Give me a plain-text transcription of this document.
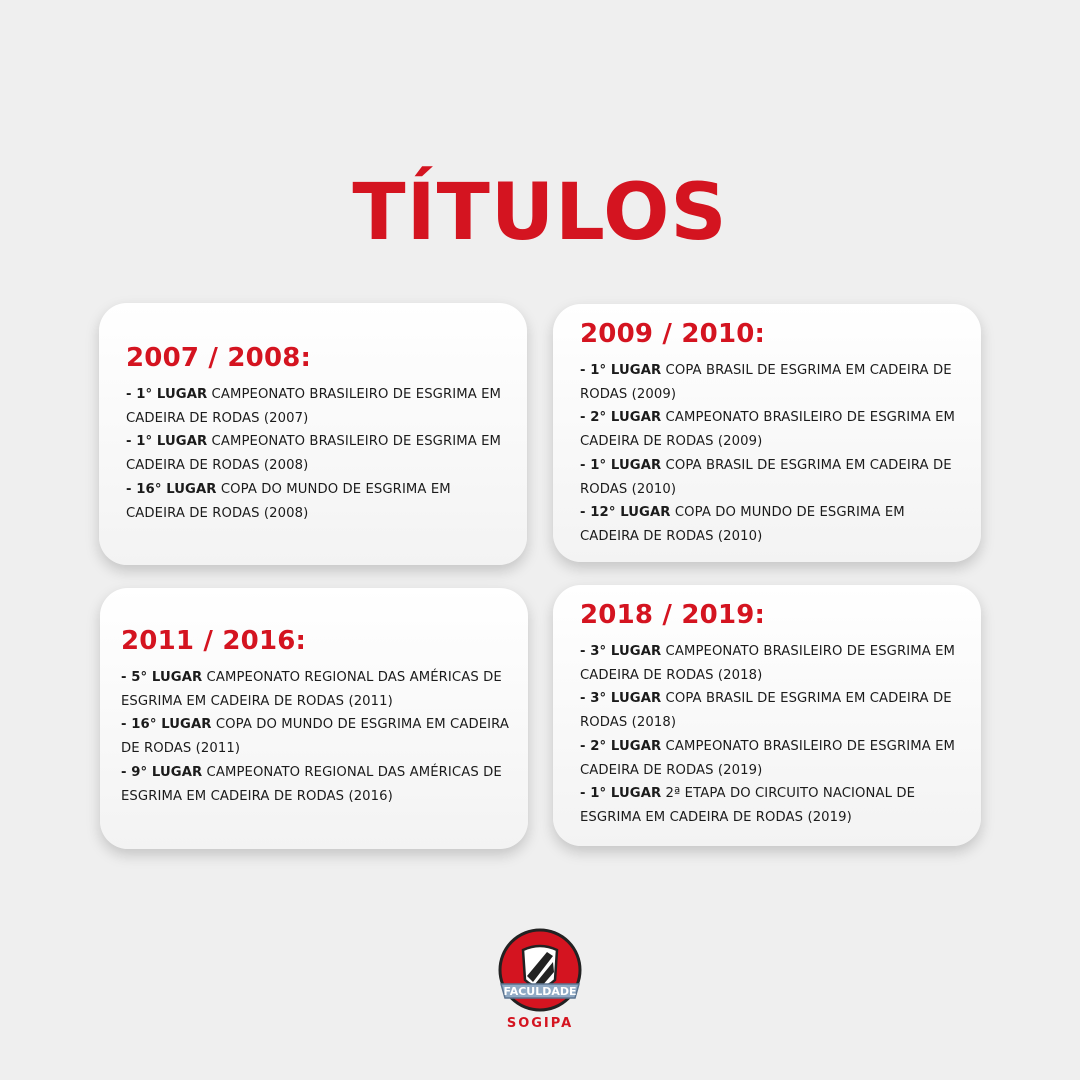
TÍTULOS
2007 / 2008:
- 1° LUGAR CAMPEONATO BRASILEIRO DE ESGRIMA EM CADEIRA DE RODAS (2007)
- 1° LUGAR CAMPEONATO BRASILEIRO DE ESGRIMA EM CADEIRA DE RODAS (2008)
- 16° LUGAR COPA DO MUNDO DE ESGRIMA EM CADEIRA DE RODAS (2008)
2009 / 2010:
- 1° LUGAR COPA BRASIL DE ESGRIMA EM CADEIRA DE RODAS (2009)
- 2° LUGAR CAMPEONATO BRASILEIRO DE ESGRIMA EM CADEIRA DE RODAS (2009)
- 1° LUGAR COPA BRASIL DE ESGRIMA EM CADEIRA DE RODAS (2010)
- 12° LUGAR COPA DO MUNDO DE ESGRIMA EM CADEIRA DE RODAS (2010)
2011 / 2016:
- 5° LUGAR CAMPEONATO REGIONAL DAS AMÉRICAS DE ESGRIMA EM CADEIRA DE RODAS (2011)
- 16° LUGAR COPA DO MUNDO DE ESGRIMA EM CADEIRA DE RODAS (2011)
- 9° LUGAR CAMPEONATO REGIONAL DAS AMÉRICAS DE ESGRIMA EM CADEIRA DE RODAS (2016)
2018 / 2019:
- 3° LUGAR CAMPEONATO BRASILEIRO DE ESGRIMA EM CADEIRA DE RODAS (2018)
- 3° LUGAR COPA BRASIL DE ESGRIMA EM CADEIRA DE RODAS (2018)
- 2° LUGAR CAMPEONATO BRASILEIRO DE ESGRIMA EM CADEIRA DE RODAS (2019)
- 1° LUGAR 2ª ETAPA DO CIRCUITO NACIONAL DE ESGRIMA EM CADEIRA DE RODAS (2019)
FACULDADE
SOGIPA
